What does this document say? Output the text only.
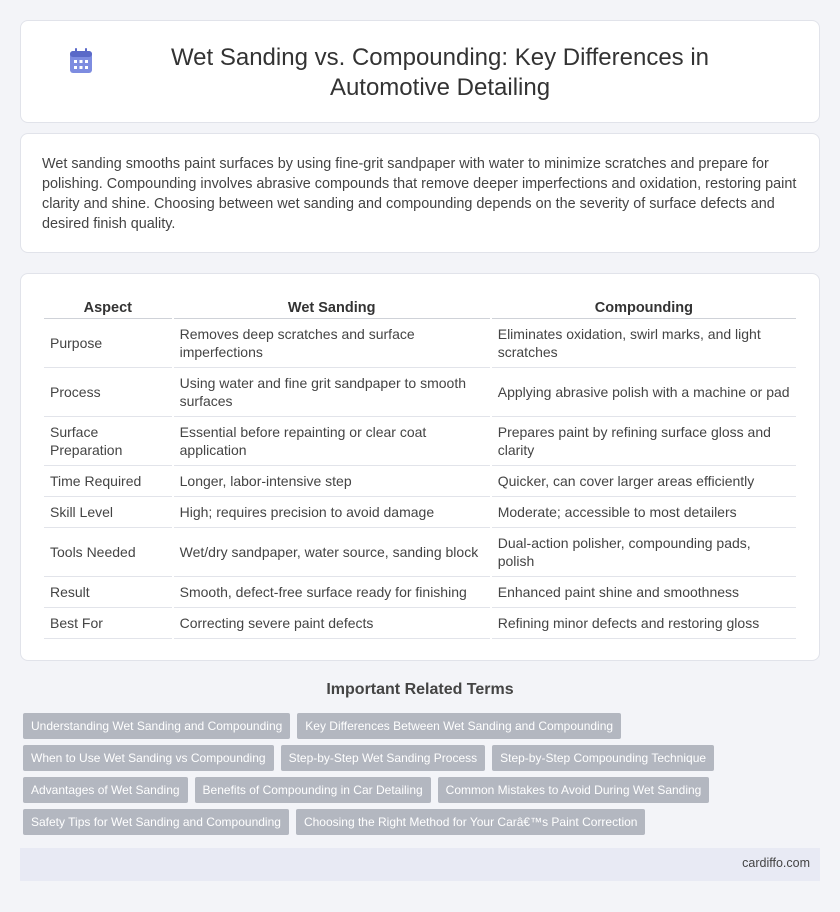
Wet Sanding vs. Compounding: Key Differences in Automotive Detailing

Wet sanding smooths paint surfaces by using fine-grit sandpaper with water to minimize scratches and prepare for polishing. Compounding involves abrasive compounds that remove deeper imperfections and oxidation, restoring paint clarity and shine. Choosing between wet sanding and compounding depends on the severity of surface defects and desired finish quality.

Aspect	Wet Sanding	Compounding
Purpose	Removes deep scratches and surface imperfections	Eliminates oxidation, swirl marks, and light scratches
Process	Using water and fine grit sandpaper to smooth surfaces	Applying abrasive polish with a machine or pad
Surface Preparation	Essential before repainting or clear coat application	Prepares paint by refining surface gloss and clarity
Time Required	Longer, labor-intensive step	Quicker, can cover larger areas efficiently
Skill Level	High; requires precision to avoid damage	Moderate; accessible to most detailers
Tools Needed	Wet/dry sandpaper, water source, sanding block	Dual-action polisher, compounding pads, polish
Result	Smooth, defect-free surface ready for finishing	Enhanced paint shine and smoothness
Best For	Correcting severe paint defects	Refining minor defects and restoring gloss
Important Related Terms
Understanding Wet Sanding and Compounding	Key Differences Between Wet Sanding and Compounding
When to Use Wet Sanding vs Compounding	Step-by-Step Wet Sanding Process	Step-by-Step Compounding Technique
Advantages of Wet Sanding	Benefits of Compounding in Car Detailing	Common Mistakes to Avoid During Wet Sanding
Safety Tips for Wet Sanding and Compounding	Choosing the Right Method for Your Carâ€™s Paint Correction
cardiffo.com
